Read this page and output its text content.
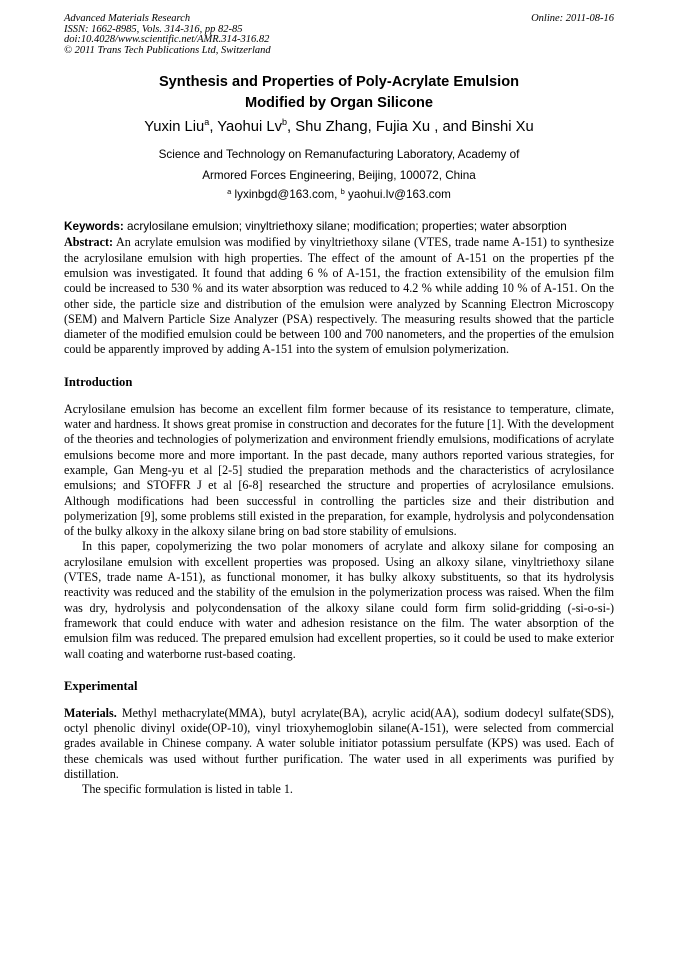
Advanced Materials Research
ISSN: 1662-8985, Vols. 314-316, pp 82-85
doi:10.4028/www.scientific.net/AMR.314-316.82
© 2011 Trans Tech Publications Ltd, Switzerland
Online: 2011-08-16
Synthesis and Properties of Poly-Acrylate Emulsion
Modified by Organ Silicone
Yuxin Liu$^a$, Yaohui Lv$^b$, Shu Zhang, Fujia Xu , and Binshi Xu
Science and Technology on Remanufacturing Laboratory, Academy of
Armored Forces Engineering, Beijing, 100072, China
$^a$ lyxinbgd@163.com, $^b$ yaohui.lv@163.com
Keywords: acrylosilane emulsion; vinyltriethoxy silane; modification; properties; water absorption

Abstract: An acrylate emulsion was modified by vinyltriethoxy silane (VTES, trade name A-151) to synthesize the acrylosilane emulsion with high properties. The effect of the amount of A-151 on the properties pf the emulsion was investigated. It found that adding 6 % of A-151, the fraction extensibility of the emulsion film could be increased to 530 % and its water absorption was reduced to 4.2 % while adding 10 % of A-151. On the other side, the particle size and distribution of the emulsion were analyzed by Scanning Electron Microscopy (SEM) and Malvern Particle Size Analyzer (PSA) respectively. The measuring results showed that the particle diameter of the modified emulsion could be between 100 and 700 nanometers, and the properties of the emulsion could be apparently improved by adding A-151 into the system of emulsion polymerization.

Introduction

Acrylosilane emulsion has become an excellent film former because of its resistance to temperature, climate, water and hardness. It shows great promise in construction and decorates for the future [1]. With the development of the theories and technologies of polymerization and environment friendly emulsions, modifications of acrylate emulsions become more and more important. In the past decade, many authors reported various strategies, for example, Gan Meng-yu et al [2-5] studied the preparation methods and the characteristics of acrylosilance emulsions; and STOFFR J et al [6-8] researched the structure and properties of acrylosilance emulsions. Although modifications had been successful in controlling the particles size and their distribution and polymerization [9], some problems still existed in the preparation, for example, hydrolysis and polycondensation of the bulky alkoxy in the alkoxy silane bring on bad store stability of emulsions.

In this paper, copolymerizing the two polar monomers of acrylate and alkoxy silane for composing an acrylosilane emulsion with excellent properties was proposed. Using an alkoxy silane, vinyltriethoxy silane (VTES, trade name A-151), as functional monomer, it has bulky alkoxy substituents, so that its hydrolysis reactivity was reduced and the stability of the emulsion in the polymerization process was raised. When the film was dry, hydrolysis and polycondensation of the alkoxy silane could form firm solid-gridding (-si-o-si-) framework that could enduce with water and adhesion resistance on the film. The water absorption of the emulsion film was reduced. The prepared emulsion had excellent properties, so it could be used to make exterior wall coating and waterborne rust-based coating.

Experimental

Materials. Methyl methacrylate(MMA), butyl acrylate(BA), acrylic acid(AA), sodium dodecyl sulfate(SDS), octyl phenolic divinyl oxide(OP-10), vinyl trioxyhemoglobin silane(A-151), were selected from commercial grades available in Chinese company. A water soluble initiator potassium persulfate (KPS) was used. Each of these chemicals was used without further purification. The water used in all experiments was purified by distillation.

The specific formulation is listed in table 1.
